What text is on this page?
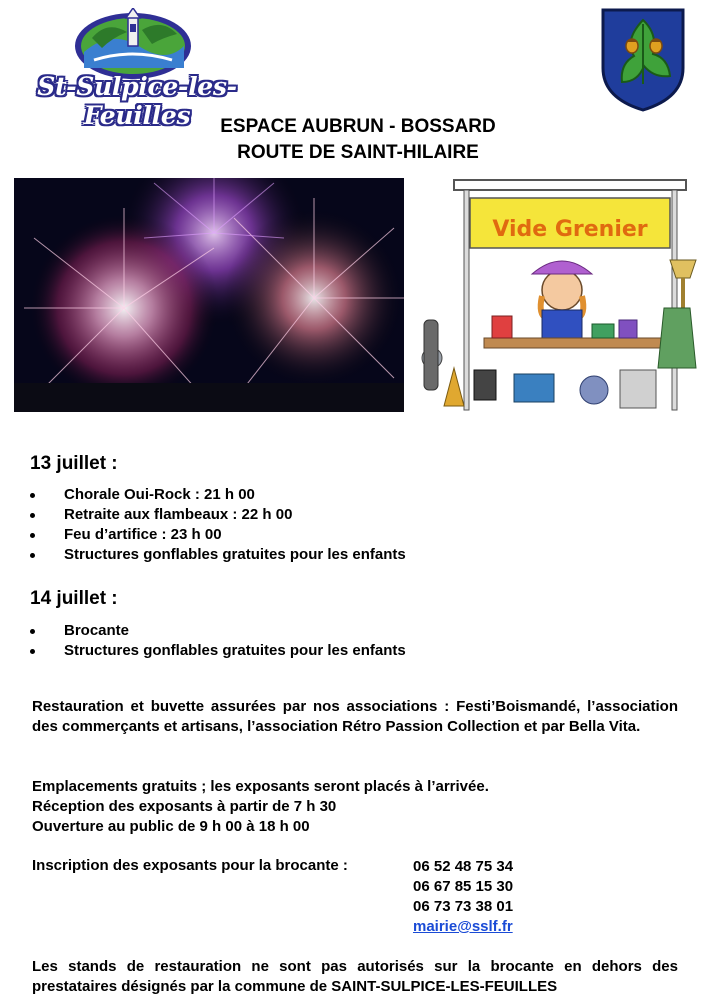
St-Sulpice-les-Feuilles	ESPACE AUBRUN - BOSSARD
ROUTE DE SAINT-HILAIRE
Vide Grenier
13 juillet :
Chorale Oui-Rock : 21 h 00
Retraite aux flambeaux : 22 h 00
Feu d’artifice : 23 h 00
Structures gonflables gratuites pour les enfants
14 juillet :
Brocante
Structures gonflables gratuites pour les enfants
Restauration et buvette assurées par nos associations : Festi’Boismandé, l’association des commerçants et artisans, l’association Rétro Passion Collection et par Bella Vita.
Emplacements gratuits ; les exposants seront placés à l’arrivée.
Réception des exposants à partir de 7 h 30
Ouverture au public de 9 h 00 à 18 h 00
Inscription des exposants pour la brocante :	06 52 48 75 34
06 67 85 15 30
06 73 73 38 01
mairie@sslf.fr
Les stands de restauration ne sont pas autorisés sur la brocante en dehors des prestataires désignés par la commune de SAINT-SULPICE-LES-FEUILLES
